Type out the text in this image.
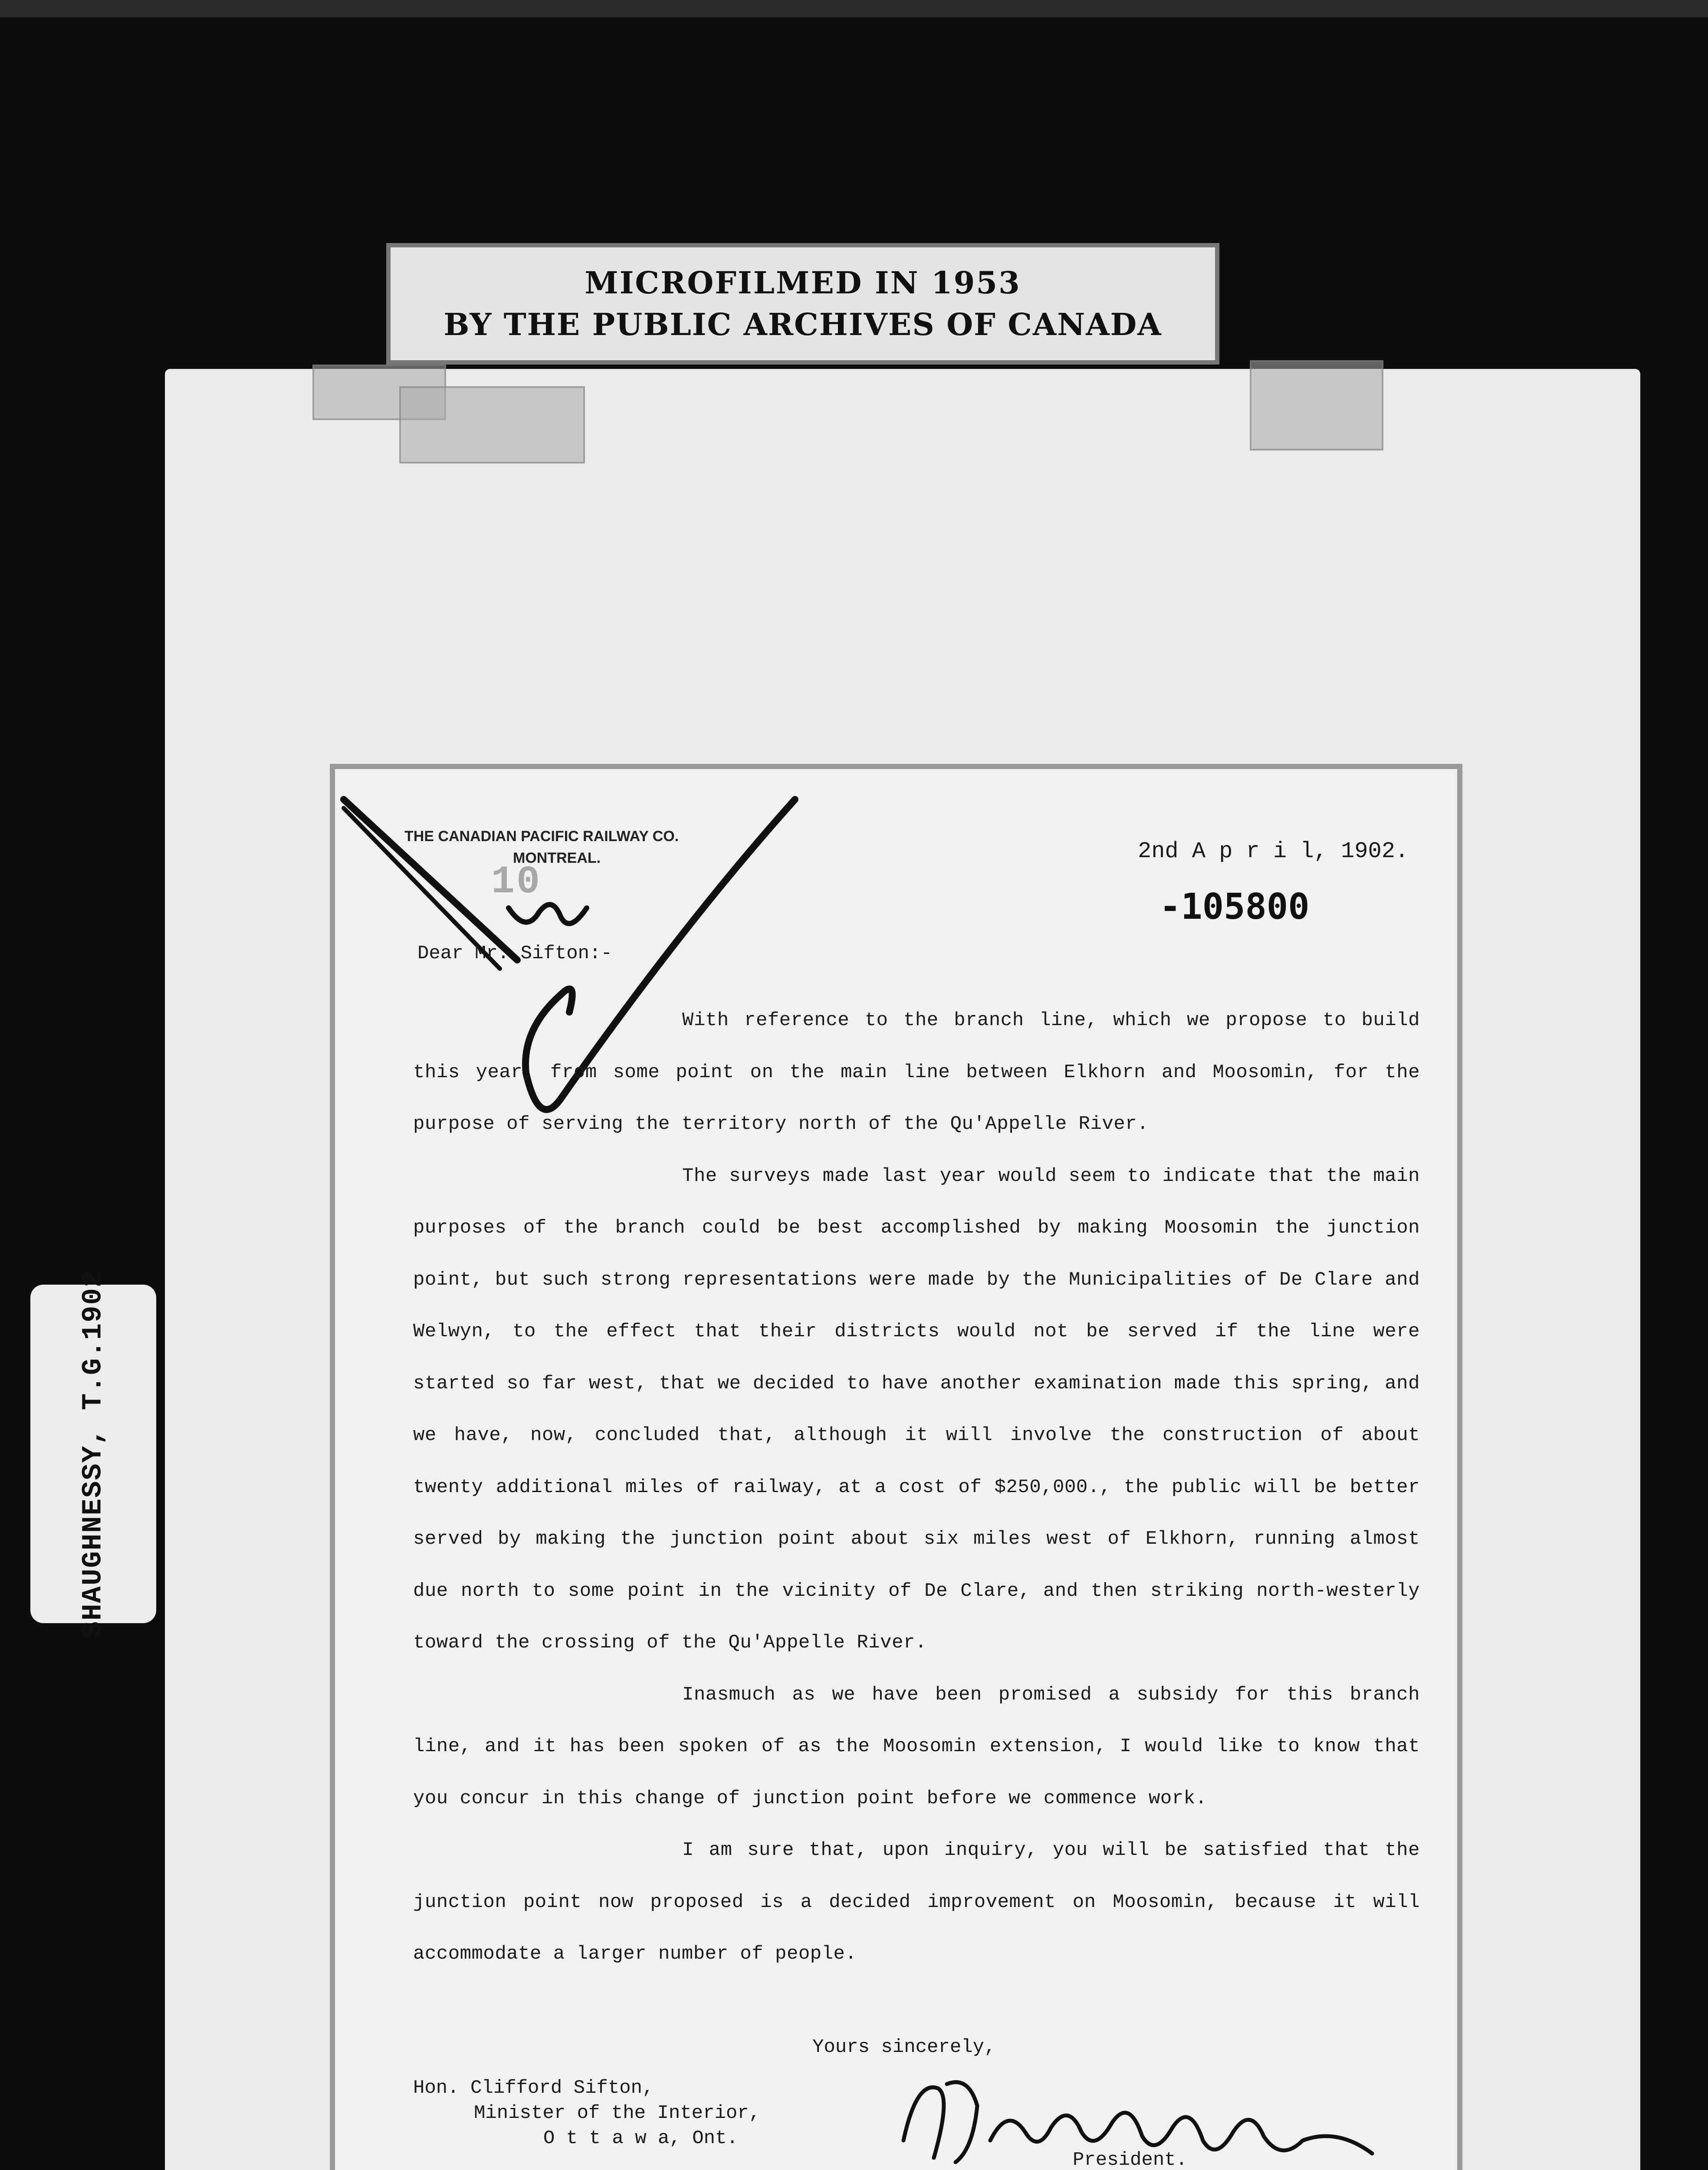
MICROFILMED IN 1953
BY THE PUBLIC ARCHIVES OF CANADA
SHAUGHNESSY, T.G.1902
THE CANADIAN PACIFIC RAILWAY CO.
MONTREAL.
10
2nd A p r i l, 1902.
-105800
Dear Mr. Sifton:-

With reference to the branch line, which we propose to build this year, from some point on the main line between Elkhorn and Moosomin, for the purpose of serving the territory north of the Qu'Appelle River.

The surveys made last year would seem to indicate that the main purposes of the branch could be best accomplished by making Moosomin the junction point, but such strong representations were made by the Municipalities of De Clare and Welwyn, to the effect that their districts would not be served if the line were started so far west, that we decided to have another examination made this spring, and we have, now, concluded that, although it will involve the construction of about twenty additional miles of railway, at a cost of $250,000., the public will be better served by making the junction point about six miles west of Elkhorn, running almost due north to some point in the vicinity of De Clare, and then striking north-westerly toward the crossing of the Qu'Appelle River.

Inasmuch as we have been promised a subsidy for this branch line, and it has been spoken of as the Moosomin extension, I would like to know that you concur in this change of junction point before we commence work.

I am sure that, upon inquiry, you will be satisfied that the junction point now proposed is a decided improvement on Moosomin, because it will accommodate a larger number of people.

Yours sincerely,
Hon. Clifford Sifton,
Minister of the Interior,
O t t a w a, Ont.
President.
